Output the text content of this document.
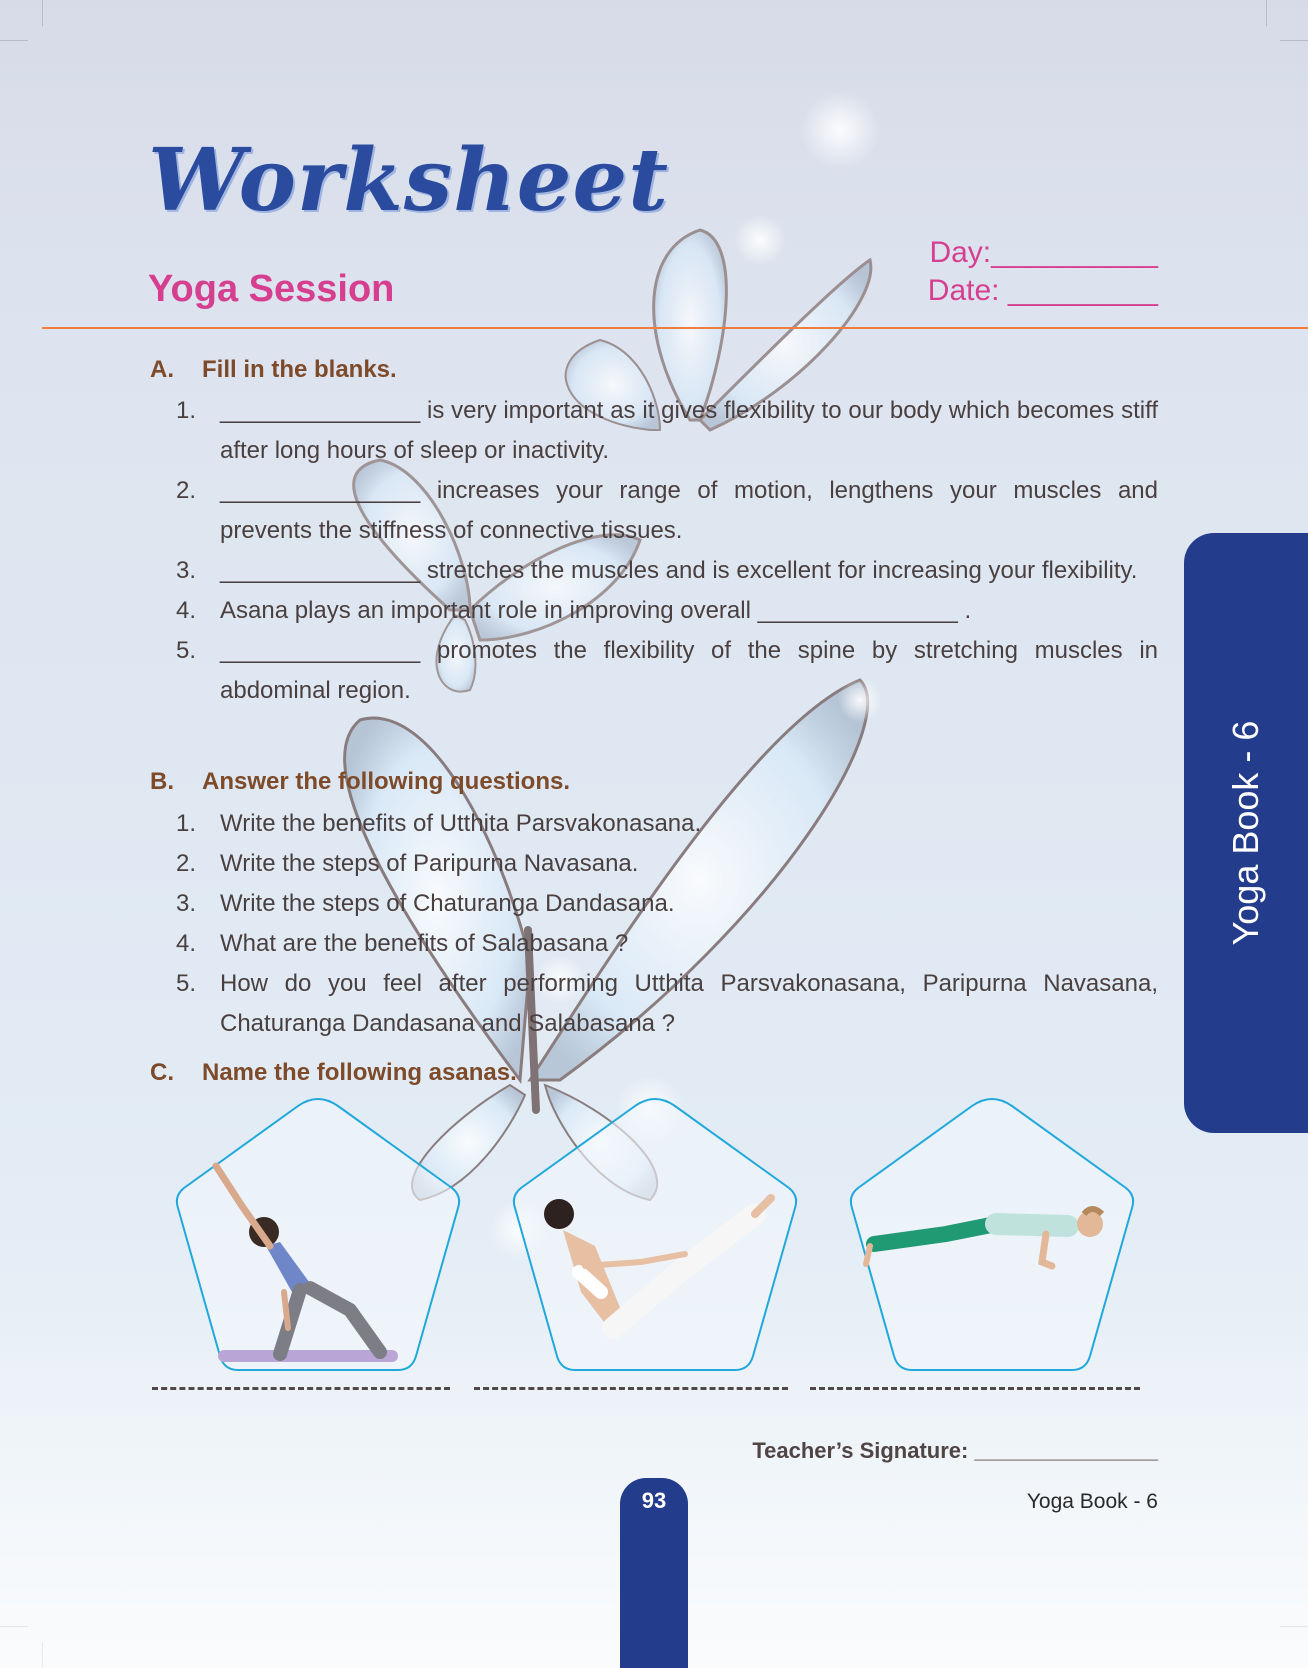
Worksheet
Yoga Session
Day:__________
Date: _________
A. Fill in the blanks.
1. _______________ is very important as it gives flexibility to our body which becomes stiff after long hours of sleep or inactivity.
2. _______________ increases your range of motion, lengthens your muscles and prevents the stiffness of connective tissues.
3. _______________ stretches the muscles and is excellent for increasing your flexibility.
4. Asana plays an important role in improving overall _______________ .
5. _______________ promotes the flexibility of the spine by stretching muscles in abdominal region.
B. Answer the following questions.
1. Write the benefits of Utthita Parsvakonasana.
2. Write the steps of Paripurna Navasana.
3. Write the steps of Chaturanga Dandasana.
4. What are the benefits of Salabasana ?
5. How do you feel after performing Utthita Parsvakonasana, Paripurna Navasana, Chaturanga Dandasana and Salabasana ?
C. Name the following asanas.
Teacher’s Signature: _______________
Yoga Book - 6
93	Yoga Book - 6
